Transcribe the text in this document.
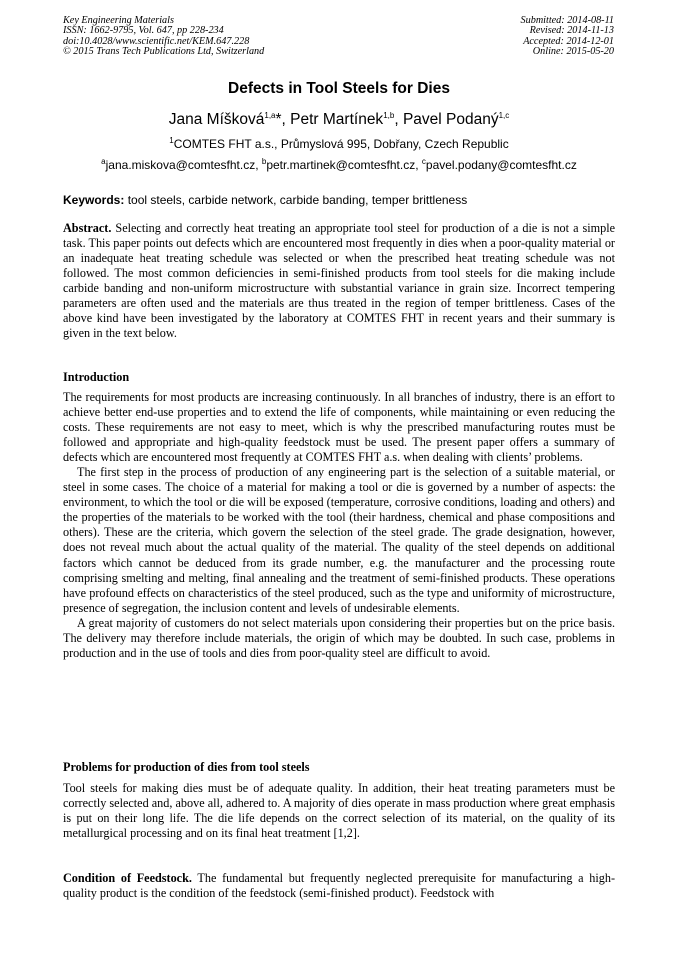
Key Engineering Materials
ISSN: 1662-9795, Vol. 647, pp 228-234
doi:10.4028/www.scientific.net/KEM.647.228
© 2015 Trans Tech Publications Ltd, Switzerland
Submitted: 2014-08-11
Revised: 2014-11-13
Accepted: 2014-12-01
Online: 2015-05-20
Defects in Tool Steels for Dies
Jana Míšková$^{1,a}$*, Petr Martínek$^{1,b}$, Pavel Podaný$^{1,c}$
$^1$COMTES FHT a.s., Průmyslová 995, Dobřany, Czech Republic
$^a$jana.miskova@comtesfht.cz, $^b$petr.martinek@comtesfht.cz, $^c$pavel.podany@comtesfht.cz
Keywords: tool steels, carbide network, carbide banding, temper brittleness

Abstract. Selecting and correctly heat treating an appropriate tool steel for production of a die is not a simple task. This paper points out defects which are encountered most frequently in dies when a poor-quality material or an inadequate heat treating schedule was selected or when the prescribed heat treating schedule was not followed. The most common deficiencies in semi-finished products from tool steels for die making include carbide banding and non-uniform microstructure with substantial variance in grain size. Incorrect tempering parameters are often used and the materials are thus treated in the region of temper brittleness. Cases of the above kind have been investigated by the laboratory at COMTES FHT in recent years and their summary is given in the text below.

Introduction

The requirements for most products are increasing continuously. In all branches of industry, there is an effort to achieve better end-use properties and to extend the life of components, while maintaining or even reducing the costs. These requirements are not easy to meet, which is why the prescribed manufacturing routes must be followed and appropriate and high-quality feedstock must be used. The present paper offers a summary of defects which are encountered most frequently at COMTES FHT a.s. when dealing with clients’ problems.

The first step in the process of production of any engineering part is the selection of a suitable material, or steel in some cases. The choice of a material for making a tool or die is governed by a number of aspects: the environment, to which the tool or die will be exposed (temperature, corrosive conditions, loading and others) and the properties of the materials to be worked with the tool (their hardness, chemical and phase compositions and others). These are the criteria, which govern the selection of the steel grade. The grade designation, however, does not reveal much about the actual quality of the material. The quality of the steel depends on additional factors which cannot be deduced from its grade number, e.g. the manufacturer and the processing route comprising smelting and melting, final annealing and the treatment of semi-finished products. These operations have profound effects on characteristics of the steel produced, such as the type and uniformity of microstructure, presence of segregation, the inclusion content and levels of undesirable elements.

A great majority of customers do not select materials upon considering their properties but on the price basis. The delivery may therefore include materials, the origin of which may be doubted. In such case, problems in production and in the use of tools and dies from poor-quality steel are difficult to avoid.

Problems for production of dies from tool steels

Tool steels for making dies must be of adequate quality. In addition, their heat treating parameters must be correctly selected and, above all, adhered to. A majority of dies operate in mass production where great emphasis is put on their long life. The die life depends on the correct selection of its material, on the quality of its metallurgical processing and on its final heat treatment [1,2].

Condition of Feedstock. The fundamental but frequently neglected prerequisite for manufacturing a high-quality product is the condition of the feedstock (semi-finished product). Feedstock with
